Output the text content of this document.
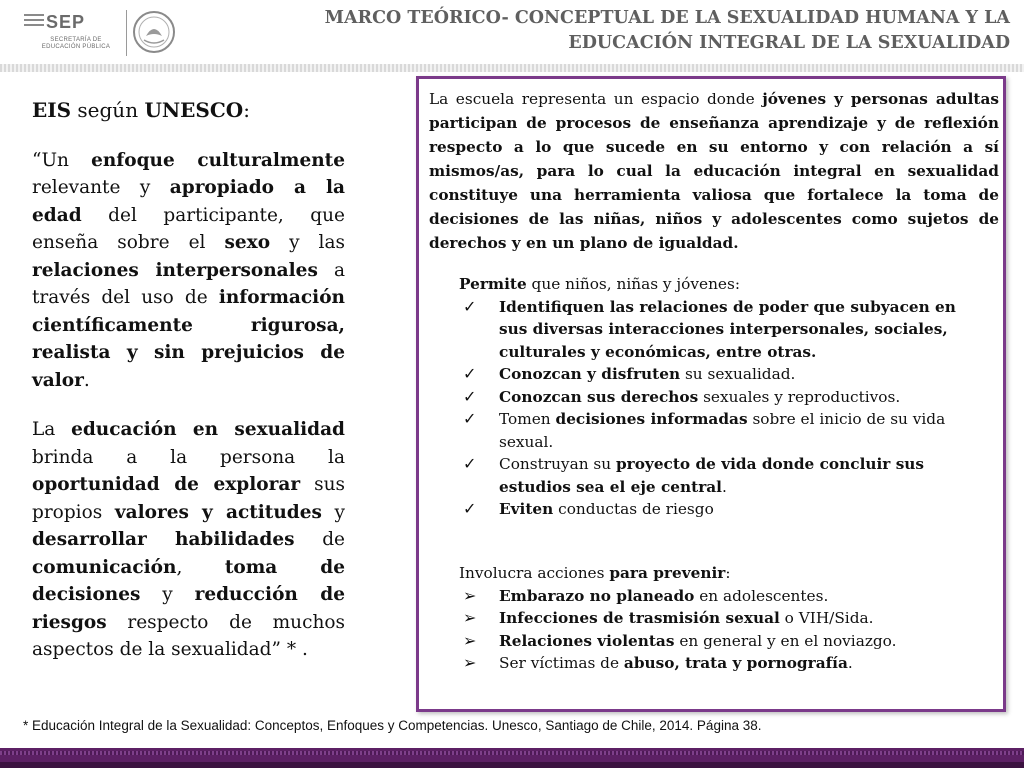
SEP
SECRETARÍA DE EDUCACIÓN PÚBLICA
MARCO TEÓRICO- CONCEPTUAL DE LA SEXUALIDAD HUMANA Y LA
EDUCACIÓN INTEGRAL DE LA SEXUALIDAD
EIS según UNESCO:

“Un enfoque culturalmente relevante y apropiado a la edad del participante, que enseña sobre el sexo y las relaciones interpersonales a través del uso de información científicamente rigurosa, realista y sin prejuicios de valor.

La educación en sexualidad brinda a la persona la oportunidad de explorar sus propios valores y actitudes y desarrollar habilidades de comunicación, toma de decisiones y reducción de riesgos respecto de muchos aspectos de la sexualidad” * .

La escuela representa un espacio donde jóvenes y personas adultas participan de procesos de enseñanza aprendizaje y de reflexión respecto a lo que sucede en su entorno y con relación a sí mismos/as, para lo cual la educación integral en sexualidad constituye una herramienta valiosa que fortalece la toma de decisiones de las niñas, niños y adolescentes como sujetos de derechos y en un plano de igualdad.
Permite que niños, niñas y jóvenes:
✓	Identifiquen las relaciones de poder que subyacen en sus diversas interacciones interpersonales, sociales, culturales y económicas, entre otras.
✓	Conozcan y disfruten su sexualidad.
✓	Conozcan sus derechos sexuales y reproductivos.
✓	Tomen decisiones informadas sobre el inicio de su vida sexual.
✓	Construyan su proyecto de vida donde concluir sus estudios sea el eje central.
✓	Eviten conductas de riesgo
Involucra acciones para prevenir:
➢	Embarazo no planeado en adolescentes.
➢	Infecciones de trasmisión sexual o VIH/Sida.
➢	Relaciones violentas en general y en el noviazgo.
➢	Ser víctimas de abuso, trata y pornografía.
* Educación Integral de la Sexualidad: Conceptos, Enfoques y Competencias. Unesco, Santiago de Chile, 2014. Página 38.
